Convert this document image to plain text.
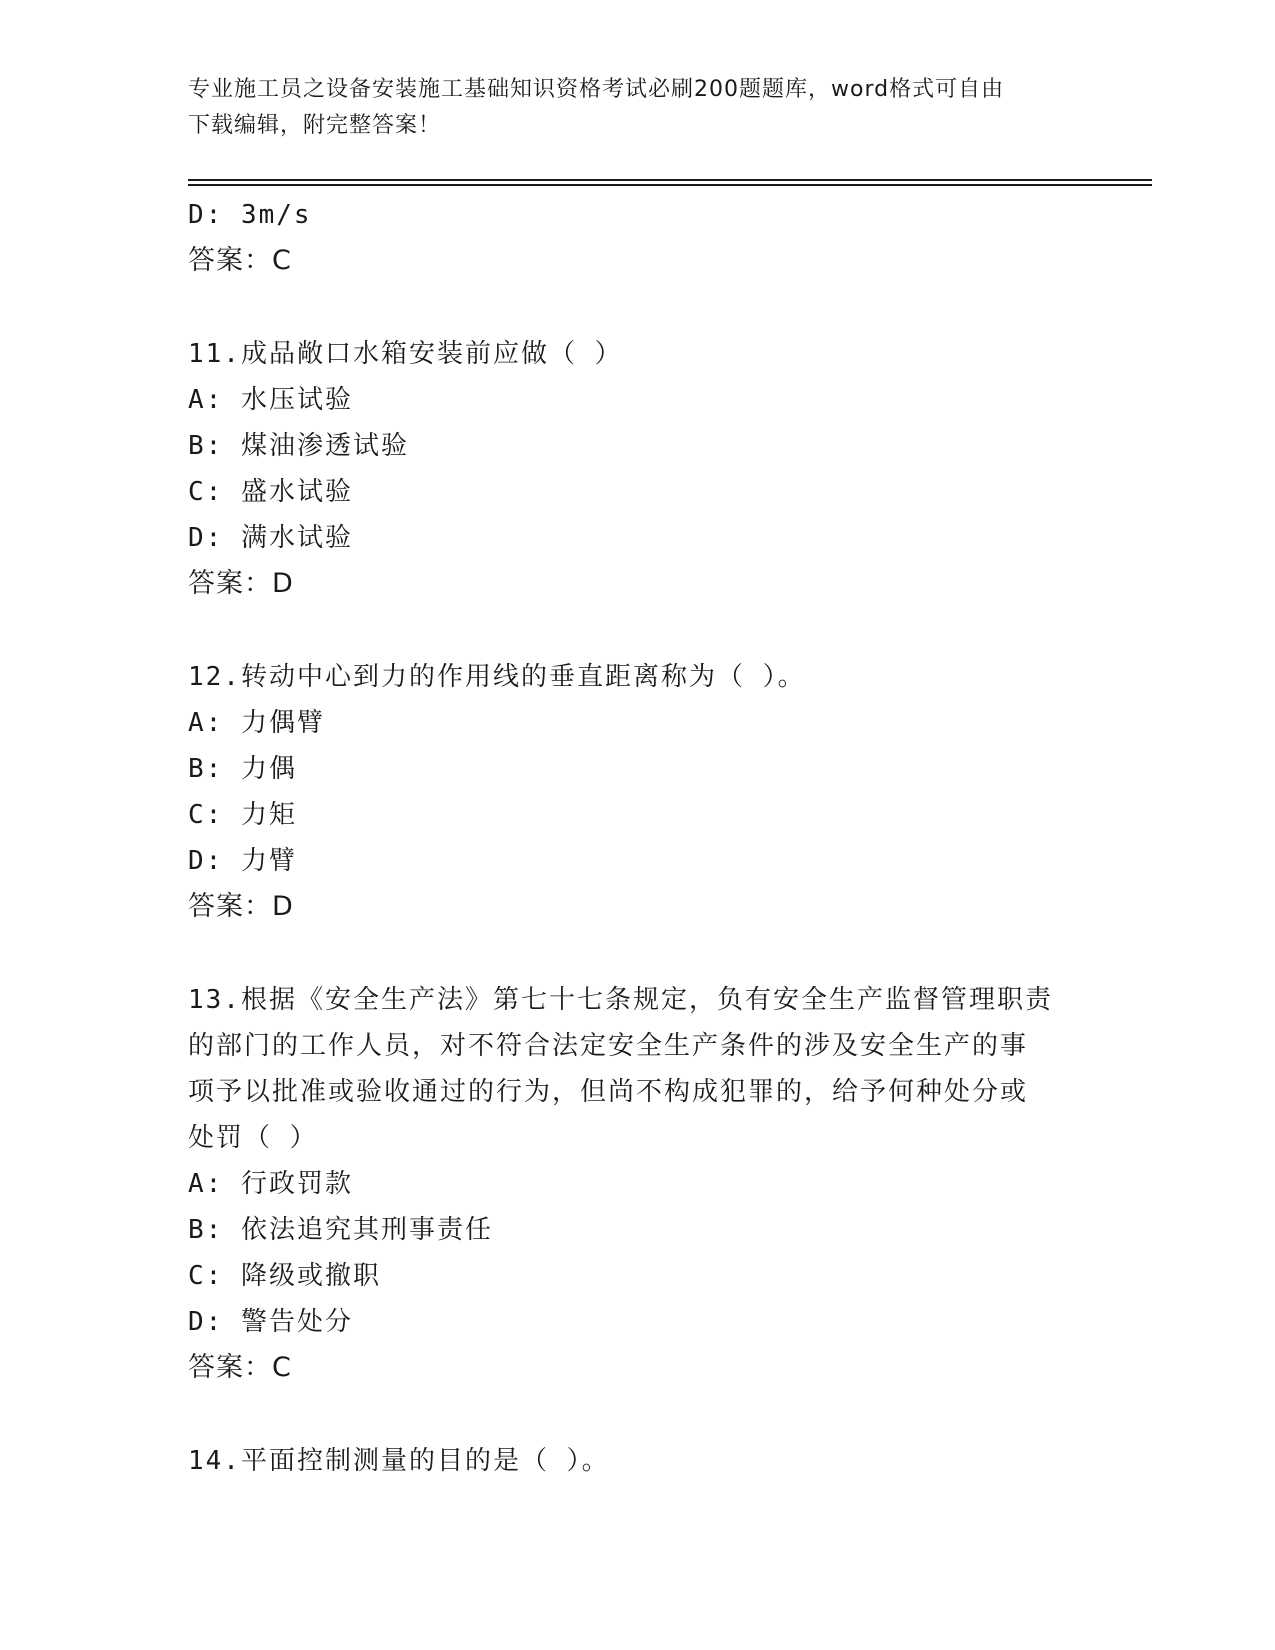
专业施工员之设备安装施工基础知识资格考试必刷200题题库，word格式可自由
下载编辑，附完整答案！
D: 3m/s
答案：C
11.成品敞口水箱安装前应做（ ）
A: 水压试验
B: 煤油渗透试验
C: 盛水试验
D: 满水试验
答案：D
12.转动中心到力的作用线的垂直距离称为（ ）。
A: 力偶臂
B: 力偶
C: 力矩
D: 力臂
答案：D
13.根据《安全生产法》第七十七条规定，负有安全生产监督管理职责
的部门的工作人员，对不符合法定安全生产条件的涉及安全生产的事
项予以批准或验收通过的行为，但尚不构成犯罪的，给予何种处分或
处罚（ ）
A: 行政罚款
B: 依法追究其刑事责任
C: 降级或撤职
D: 警告处分
答案：C
14.平面控制测量的目的是（ ）。
